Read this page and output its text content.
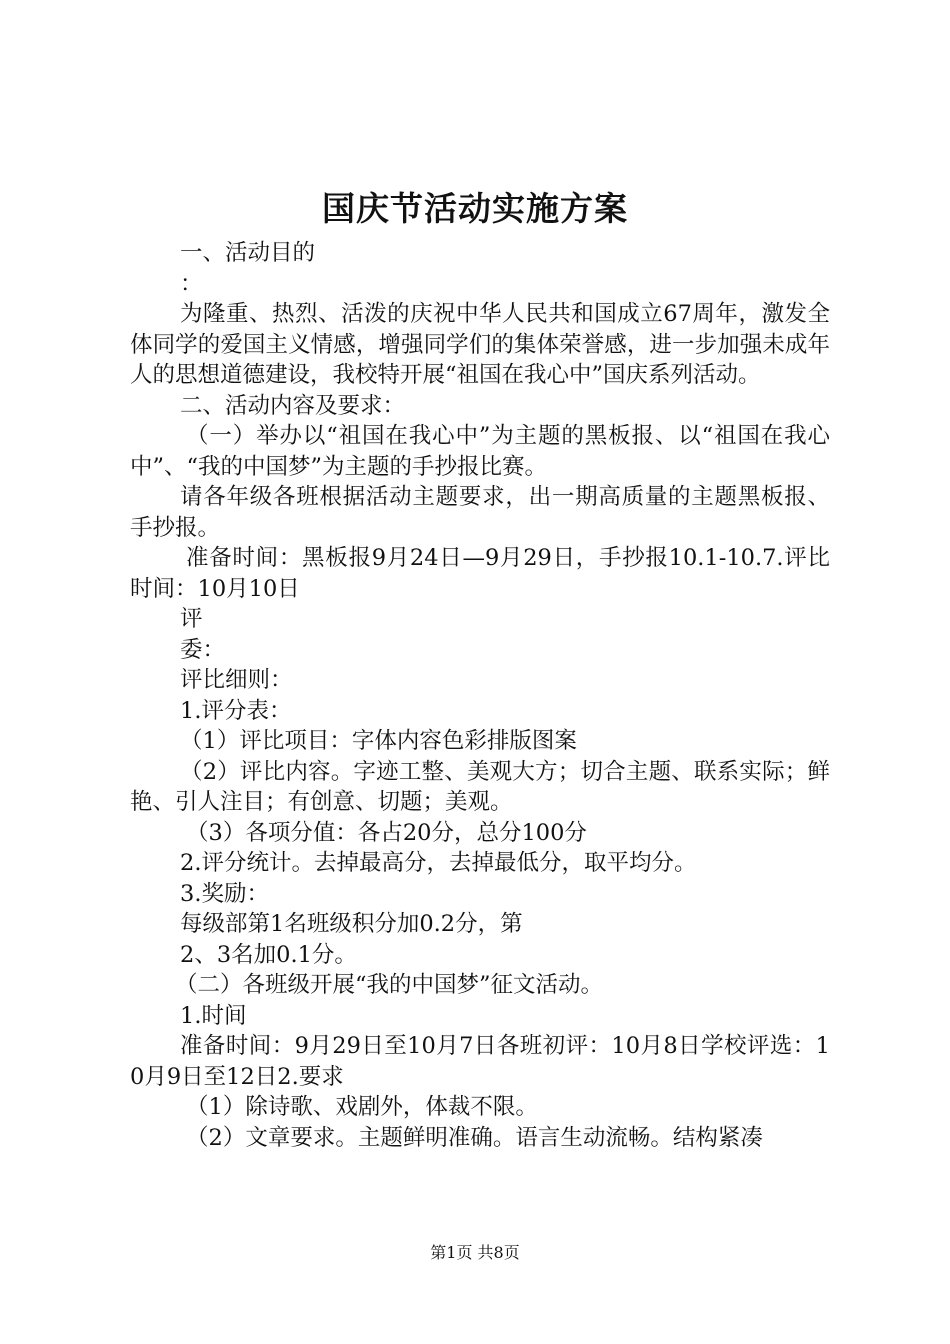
国庆节活动实施方案

一、活动目的

：

为隆重、热烈、活泼的庆祝中华人民共和国成立67周年，激发全体同学的爱国主义情感，增强同学们的集体荣誉感，进一步加强未成年人的思想道德建设，我校特开展“祖国在我心中”国庆系列活动。

二、活动内容及要求：

（一）举办以“祖国在我心中”为主题的黑板报、以“祖国在我心中”、“我的中国梦”为主题的手抄报比赛。

请各年级各班根据活动主题要求，出一期高质量的主题黑板报、手抄报。

准备时间：黑板报9月24日—9月29日，手抄报10.1-10.7.评比时间：10月10日

评

委：

评比细则：

1.评分表：

（1）评比项目：字体内容色彩排版图案

（2）评比内容。字迹工整、美观大方；切合主题、联系实际；鲜艳、引人注目；有创意、切题；美观。

（3）各项分值：各占20分，总分100分

2.评分统计。去掉最高分，去掉最低分，取平均分。

3.奖励：

每级部第1名班级积分加0.2分，第

2、3名加0.1分。

（二）各班级开展“我的中国梦”征文活动。

1.时间

准备时间：9月29日至10月7日各班初评：10月8日学校评选：10月9日至12日2.要求

（1）除诗歌、戏剧外，体裁不限。

（2）文章要求。主题鲜明准确。语言生动流畅。结构紧凑

第1页 共8页
